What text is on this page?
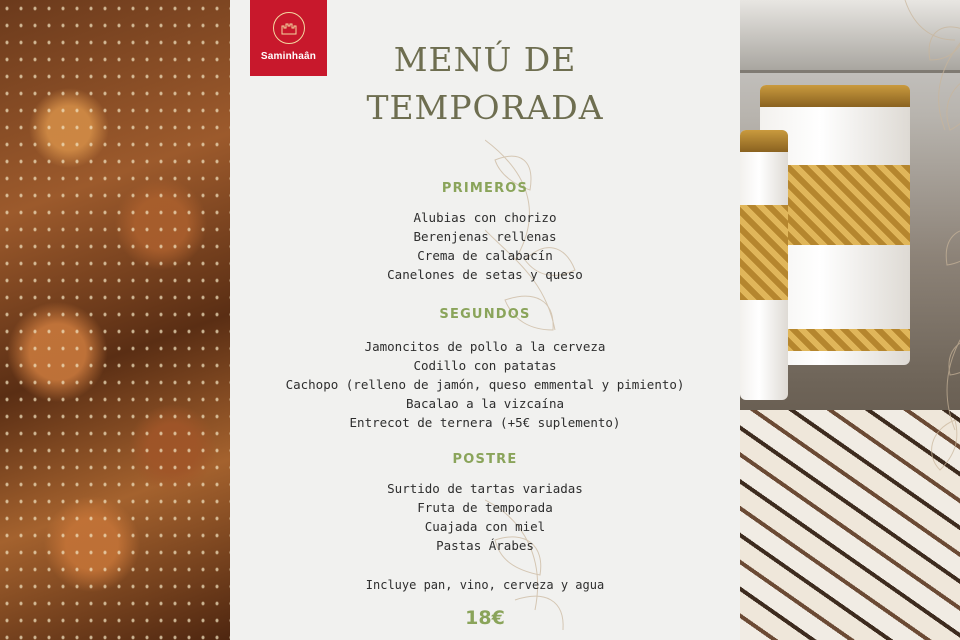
Saminhaân	MENÚ DE
TEMPORADA
PRIMEROS
Alubias con chorizo
Berenjenas rellenas
Crema de calabacín
Canelones de setas y queso
SEGUNDOS
Jamoncitos de pollo a la cerveza
Codillo con patatas
Cachopo (relleno de jamón, queso emmental y pimiento)
Bacalao a la vizcaína
Entrecot de ternera (+5€ suplemento)
POSTRE
Surtido de tartas variadas
Fruta de temporada
Cuajada con miel
Pastas Árabes
Incluye pan, vino, cerveza y agua
18€
